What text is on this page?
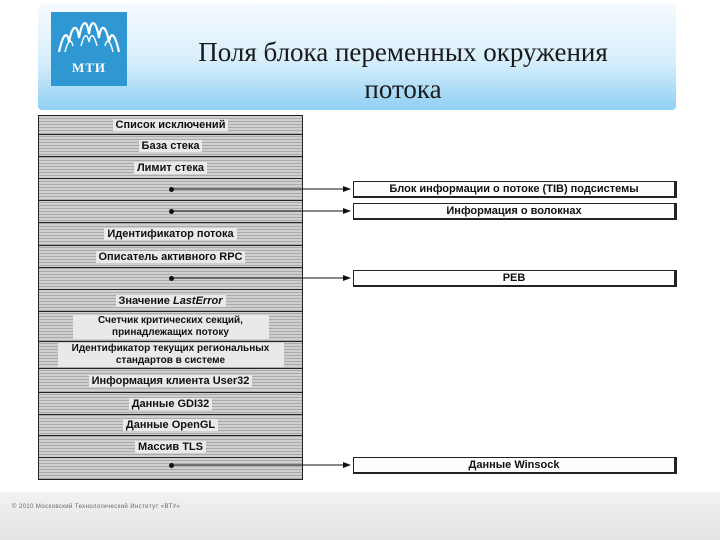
МТИ
Поля блока переменных окружения
потока
Список исключений
База стека
Лимит стека
Идентификатор потока
Описатель активного RPC
Значение LastError
Счетчик критических секций, принадлежащих потоку
Идентификатор текущих региональных стандартов в системе
Информация клиента User32
Данные GDI32
Данные OpenGL
Массив TLS
Блок информации о потоке (TIB) подсистемы
Информация о волокнах
PEB
Данные Winsock
© 2010 Московский Технологический Институт «ВТУ»
